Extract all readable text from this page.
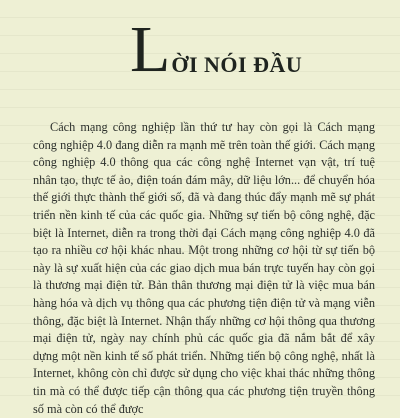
L ỜI NÓI ĐẦU

Cách mạng công nghiệp lần thứ tư hay còn gọi là Cách mạng công nghiệp 4.0 đang diễn ra mạnh mẽ trên toàn thế giới. Cách mạng công nghiệp 4.0 thông qua các công nghệ Internet vạn vật, trí tuệ nhân tạo, thực tế ảo, điện toán đám mây, dữ liệu lớn... để chuyển hóa thế giới thực thành thế giới số, đã và đang thúc đẩy mạnh mẽ sự phát triển nền kinh tế của các quốc gia. Những sự tiến bộ công nghệ, đặc biệt là Internet, diễn ra trong thời đại Cách mạng công nghiệp 4.0 đã tạo ra nhiều cơ hội khác nhau. Một trong những cơ hội từ sự tiến bộ này là sự xuất hiện của các giao dịch mua bán trực tuyến hay còn gọi là thương mại điện tử. Bản thân thương mại điện tử là việc mua bán hàng hóa và dịch vụ thông qua các phương tiện điện tử và mạng viễn thông, đặc biệt là Internet. Nhận thấy những cơ hội thông qua thương mại điện tử, ngày nay chính phủ các quốc gia đã nắm bắt để xây dựng một nền kinh tế số phát triển. Những tiến bộ công nghệ, nhất là Internet, không còn chỉ được sử dụng cho việc khai thác những thông tin mà có thể được tiếp cận thông qua các phương tiện truyền thông số mà còn có thể được
